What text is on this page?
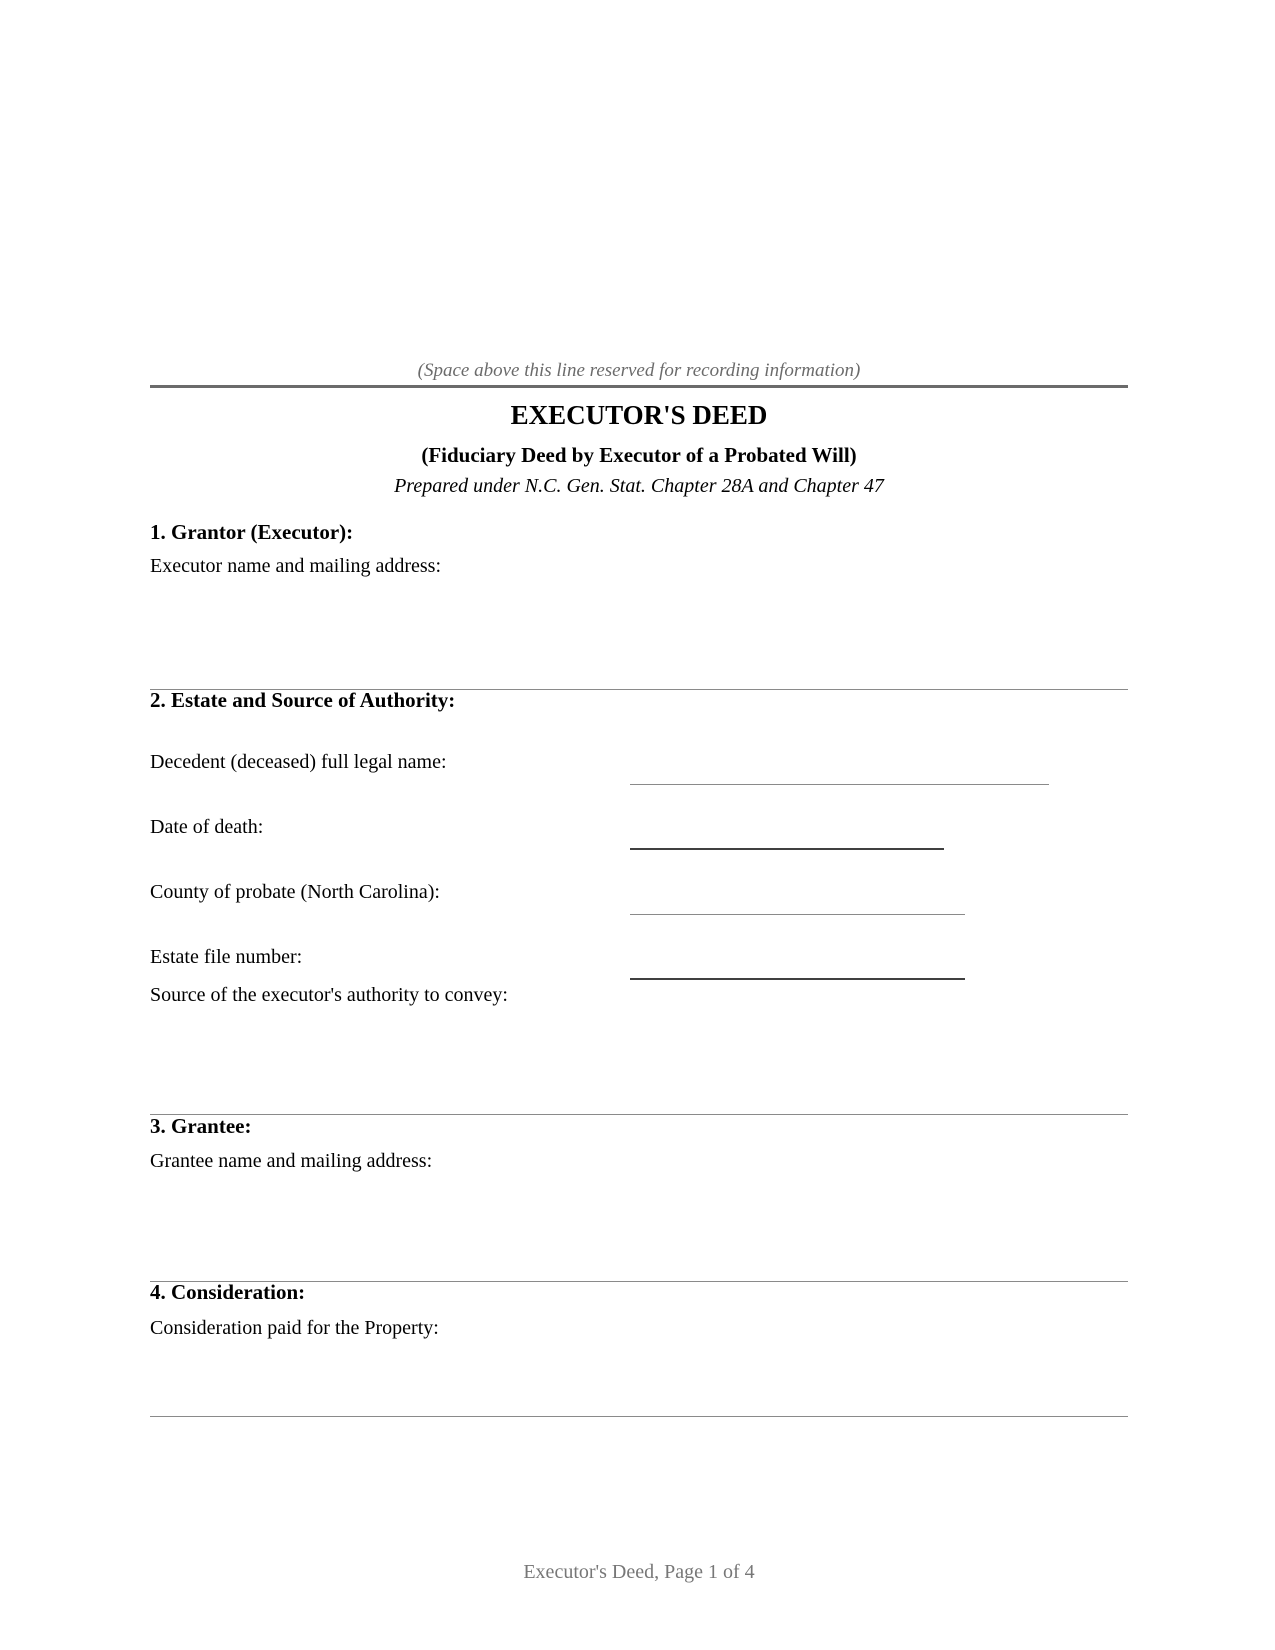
(Space above this line reserved for recording information)
EXECUTOR'S DEED
(Fiduciary Deed by Executor of a Probated Will)
Prepared under N.C. Gen. Stat. Chapter 28A and Chapter 47
1. Grantor (Executor):
Executor name and mailing address:
2. Estate and Source of Authority:
Decedent (deceased) full legal name:
Date of death:
County of probate (North Carolina):
Estate file number:
Source of the executor's authority to convey:
3. Grantee:
Grantee name and mailing address:
4. Consideration:
Consideration paid for the Property:
Executor's Deed, Page 1 of 4
